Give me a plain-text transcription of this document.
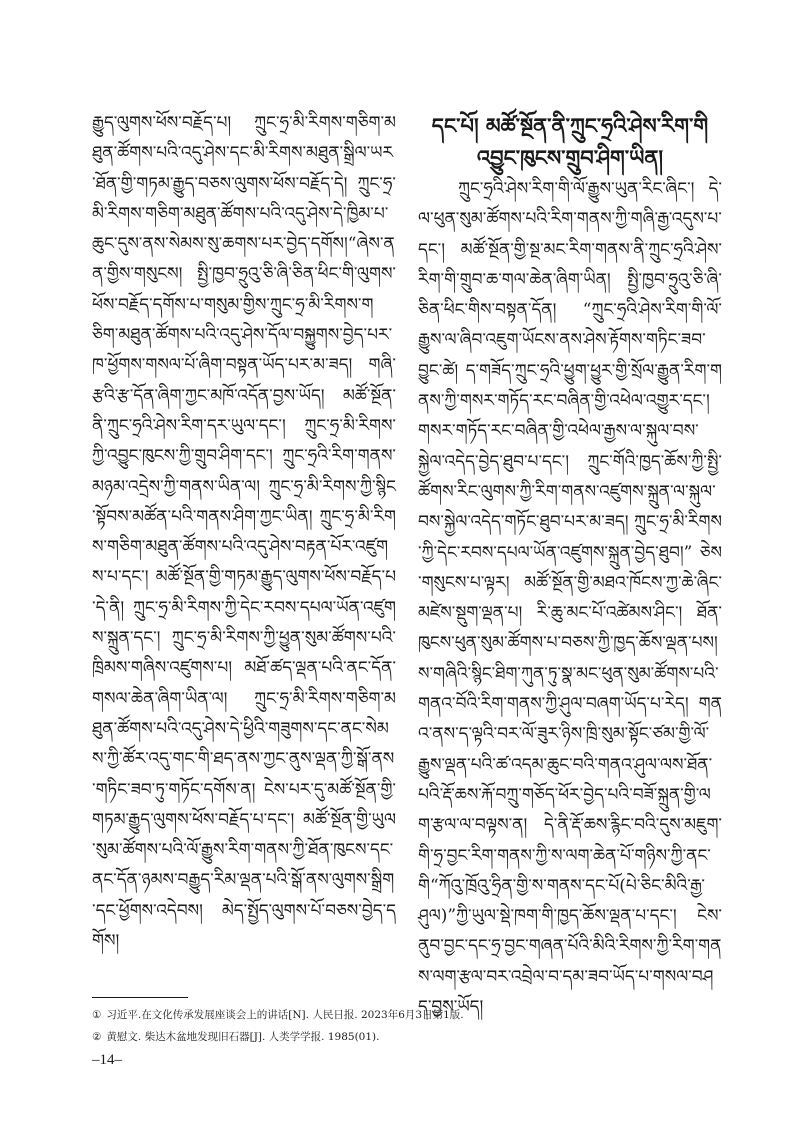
རྒྱུད་ལུགས་ཕོས་བརྗོད་པ། ཀྲུང་ཧྲ་མི་རིགས་གཅིག་མཐུན་ཚོགས་པའི་འདུ་ཤེས་དང་མི་རིགས་མཐུན་སྒྲིལ་ཡར་ཐོན་གྱི་གཏམ་རྒྱུད་བཅས་ལུགས་ཕོས་བརྗོད་དེ། ཀྲུང་ཧྲ་མི་རིགས་གཅིག་མཐུན་ཚོགས་པའི་འདུ་ཤེས་དེ་ཁྱིམ་པ་ཆུང་དུས་ནས་སེམས་སུ་ཆགས་པར་བྱེད་དགོས།“ཞེས་ནན་གྱིས་གསུངས། སྤྱི་ཁྱབ་ཧྲུའུ་ཅི་ཞི་ཅིན་ཕིང་གི་ལུགས་ཕོས་བརྗོད་དགོས་པ་གསུམ་གྱིས་ཀྲུང་ཧྲ་མི་རིགས་གཅིག་མཐུན་ཚོགས་པའི་འདུ་ཤེས་དོལ་བསྐྱུགས་བྱེད་པར་ཁ་ཕྱོགས་གསལ་པོ་ཞིག་བསྟན་ཡོད་པར་མ་ཟད། གཞི་རྩའི་རྩ་དོན་ཞིག་ཀྱང་མཁོ་འདོན་བྱས་ཡོད། མཚོ་སྔོན་ནི་ཀྲུང་ཧྲའི་ཤེས་རིག་དར་ཡུལ་དང་། ཀྲུང་ཧྲ་མི་རིགས་ཀྱི་འབྱུང་ཁུངས་ཀྱི་གྲུབ་ཤིག་དང་། ཀྲུང་ཧྲའི་རིག་གནས་མཉམ་འདྲེས་ཀྱི་གནས་ཡིན་ལ། ཀྲུང་ཧྲ་མི་རིགས་ཀྱི་སྙིང་སྟོབས་མཚོན་པའི་གནས་ཤིག་ཀྱང་ཡིན། ཀྲུང་ཧྲ་མི་རིགས་གཅིག་མཐུན་ཚོགས་པའི་འདུ་ཤེས་བརྟན་པོར་འཛུགས་པ་དང་། མཚོ་སྔོན་གྱི་གཏམ་རྒྱུད་ལུགས་ཕོས་བརྗོད་པ་དེ་ནི། ཀྲུང་ཧྲ་མི་རིགས་ཀྱི་དེང་རབས་དཔལ་ཡོན་འཛུགས་སྐྲུན་དང་། ཀྲུང་ཧྲ་མི་རིགས་ཀྱི་ཕྱུན་སུམ་ཚོགས་པའི་ཁྲིམས་གཞིས་འཛུགས་པ། མཐོ་ཚད་ལྡན་པའི་ནང་དོན་གསལ་ཆེན་ཞིག་ཡིན་ལ། ཀྲུང་ཧྲ་མི་རིགས་གཅིག་མཐུན་ཚོགས་པའི་འདུ་ཤེས་དེ་ཕྱིའི་གཟུགས་དང་ནང་སེམས་ཀྱི་ཚོར་འདུ་གང་གི་ཐད་ནས་ཀྱང་ནུས་ལྡན་ཀྱི་སྒོ་ནས་གཏིང་ཟབ་ཏུ་གཏོང་དགོས་ན། ངེས་པར་དུ་མཚོ་སྔོན་གྱི་གཏམ་རྒྱུད་ལུགས་ཕོས་བརྗོད་པ་དང་། མཚོ་སྔོན་གྱི་ཡུལ་སུམ་ཚོགས་པའི་ལོ་རྒྱུས་རིག་གནས་ཀྱི་ཐོན་ཁུངས་དང་ནང་དོན་ཉམས་བརྒྱུད་རིམ་ལྡན་པའི་སྒོ་ནས་ལུགས་སྒྲིག་དང་ཕྱོགས་འདེབས། མེད་སྤྱོད་ལུགས་པོ་བཅས་བྱེད་དགོས།

དང་པོ། མཚོ་སྔོན་ནི་ཀྲུང་ཧྲའི་ཤེས་རིག་གི
འབྱུང་ཁུངས་གྲུབ་ཤིག་ཡིན།

ཀྲུང་ཧྲའི་ཤེས་རིག་གི་ལོ་རྒྱུས་ཡུན་རིང་ཞིང་། དེ་ལ་ཕུན་སུམ་ཚོགས་པའི་རིག་གནས་ཀྱི་གཞི་རྒྱ་འདུས་པ་དང་། མཚོ་སྔོན་གྱི་སྔ་མང་རིག་གནས་ནི་ཀྲུང་ཧྲའི་ཤེས་རིག་གི་གྲུབ་ཆ་གལ་ཆེན་ཞིག་ཡིན། སྤྱི་ཁྱབ་ཧྲུའུ་ཅི་ཞི་ཅིན་ཕིང་གིས་བསྟན་དོན། “ཀྲུང་ཧྲའི་ཤེས་རིག་གི་ལོ་རྒྱུས་ལ་ཞིབ་འཇུག་ཡོངས་ནས་ཤེས་རྟོགས་གཏིང་ཟབ་བྱུང་ཚེ། ད་གཟོད་ཀྲུང་ཧྲའི་ཕྱུག་ཕྱུར་གྱི་སྲོལ་རྒྱུན་རིག་གནས་ཀྱི་གསར་གཏོད་རང་བཞིན་གྱི་འཕེལ་འགྱུར་དང་། གསར་གཏོད་རང་བཞིན་གྱི་འཕེལ་རྒྱས་ལ་སྐུལ་བས་སྐྱེལ་འདེད་བྱེད་ཐུབ་པ་དང་། ཀྲུང་གོའི་ཁྱད་ཆོས་ཀྱི་སྤྱི་ཚོགས་རིང་ལུགས་ཀྱི་རིག་གནས་འཛུགས་སྐྲུན་ལ་སྐུལ་བས་སྐྱེལ་འདེད་གཏོང་ཐུབ་པར་མ་ཟད། ཀྲུང་ཧྲ་མི་རིགས་ཀྱི་དེང་རབས་དཔལ་ཡོན་འཛུགས་སྐྲུན་བྱེད་ཐུབ།” ཅེས་གསུངས་པ་ལྟར། མཚོ་སྔོན་གྱི་མཐའ་ཁོངས་ཀྱ་ཆེ་ཞིང་མཛེས་སྡུག་ལྡན་པ། རི་ཆུ་མང་པོ་འཚེམས་ཤིང་། ཐོན་ཁུངས་ཕུན་སུམ་ཚོགས་པ་བཅས་ཀྱི་ཁྱད་ཆོས་ལྡན་པས། ས་གཞིའི་སྙིང་ཐིག་ཀུན་ཏུ་སྣ་མང་ཕུན་སུམ་ཚོགས་པའི་གནའ་བོའི་རིག་གནས་ཀྱི་ཤུལ་བཞག་ཡོད་པ་རེད། གནའ་ནས་ད་ལྟའི་བར་ལོ་ཟུར་ཉིས་ཁྲི་སུམ་སྟོང་ཙམ་གྱི་ལོ་རྒྱུས་ལྡན་པའི་ཚ་འདམ་ཆུང་བའི་གནའ་ཤུལ་ལས་ཐོན་པའི་རྡོ་ཆས་རྐོ་བཀྲུ་གཅོད་ཕོར་བྱེད་པའི་བཟོ་སྐྲུན་གྱི་ལག་རྩལ་ལ་བལྟས་ན། དེ་ནི་རྡོ་ཆས་རྙིང་བའི་དུས་མཇུག་གི་ཧྲ་བྱང་རིག་གནས་ཀྱི་ས་ལག་ཆེན་པོ་གཉིས་ཀྱི་ནང་གི“ཀོའུ་ཁྲོའུ་ཧྲིན་གྱི་ས་གནས་དང་པོ(པེ་ཅིང་མིའི་རྒྱ་ཤུལ)”ཀྱི་ཡུལ་སྡེ་ཁག་གི་ཁྱད་ཆོས་ལྡན་པ་དང་། ངེས་ནུབ་བྱང་དང་ཧྲ་བྱང་གཞན་པོའི་མིའི་རིགས་ཀྱི་རིག་གནས་ལག་རྩལ་བར་འབྲེལ་བ་དམ་ཟབ་ཡོད་པ་གསལ་བཤད་བྱས་ཡོད།

① 习近平.在文化传承发展座谈会上的讲话[N]. 人民日报. 2023年6月3日第1版.
② 黄慰文. 柴达木盆地发现旧石器[J]. 人类学学报. 1985(01).
–14–
